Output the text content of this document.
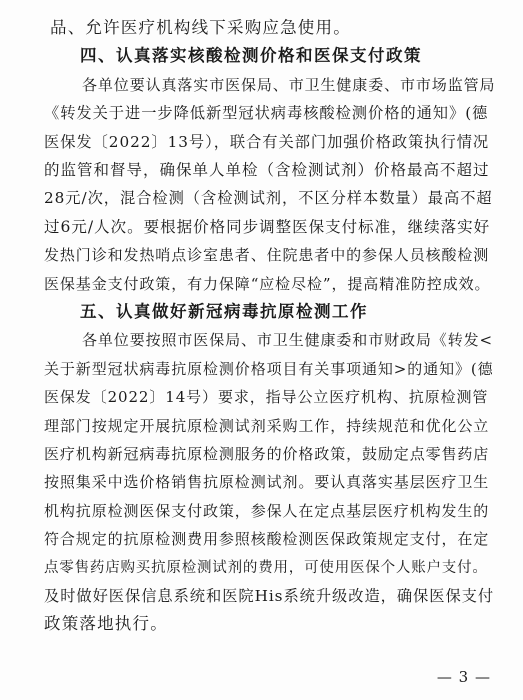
品、允许医疗机构线下采购应急使用。
四、认真落实核酸检测价格和医保支付政策
各单位要认真落实市医保局、市卫生健康委、市市场监管局
《转发关于进一步降低新型冠状病毒核酸检测价格的通知》(德
医保发〔2022〕13号），联合有关部门加强价格政策执行情况
的监管和督导，确保单人单检（含检测试剂）价格最高不超过
28元/次，混合检测（含检测试剂，不区分样本数量）最高不超
过6元/人次。要根据价格同步调整医保支付标准，继续落实好
发热门诊和发热哨点诊室患者、住院患者中的参保人员核酸检测
医保基金支付政策，有力保障“应检尽检”，提高精准防控成效。
五、认真做好新冠病毒抗原检测工作
各单位要按照市医保局、市卫生健康委和市财政局《转发<
关于新型冠状病毒抗原检测价格项目有关事项通知>的通知》(德
医保发〔2022〕14号）要求，指导公立医疗机构、抗原检测管
理部门按规定开展抗原检测试剂采购工作，持续规范和优化公立
医疗机构新冠病毒抗原检测服务的价格政策，鼓励定点零售药店
按照集采中选价格销售抗原检测试剂。要认真落实基层医疗卫生
机构抗原检测医保支付政策，参保人在定点基层医疗机构发生的
符合规定的抗原检测费用参照核酸检测医保政策规定支付，在定
点零售药店购买抗原检测试剂的费用，可使用医保个人账户支付。
及时做好医保信息系统和医院His系统升级改造，确保医保支付
政策落地执行。
— 3 —
